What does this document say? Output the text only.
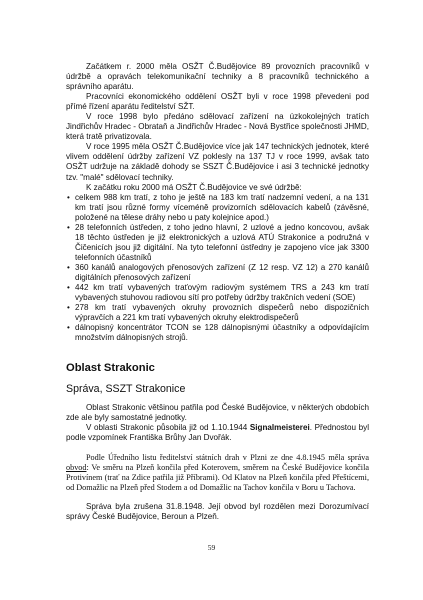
Začátkem r. 2000 měla OSŽT Č.Budějovice 89 provozních pracovníků v údržbě a opravách telekomunikační techniky a 8 pracovníků technického a správního aparátu.

Pracovníci ekonomického oddělení OSŽT byli v roce 1998 převedeni pod přímé řízení aparátu ředitelství SŽT.

V roce 1998 bylo předáno sdělovací zařízení na úzkokolejných tratích Jindřichův Hradec - Obrataň a Jindřichův Hradec - Nová Bystřice společnosti JHMD, která tratě privatizovala.

V roce 1995 měla OSŽT Č.Budějovice více jak 147 technických jednotek, které vlivem oddělení údržby zařízení VZ poklesly na 137 TJ v roce 1999, avšak tato OSŽT udržuje na základě dohody se SSZT Č.Budějovice i asi 3 technické jednotky tzv. "malé" sdělovací techniky.

K začátku roku 2000 má OSŽT Č.Budějovice ve své údržbě:

• celkem 988 km tratí, z toho je ještě na 183 km tratí nadzemní vedení, a na 131 km tratí jsou různé formy víceméně provizorních sdělovacích kabelů (závěsné, položené na tělese dráhy nebo u paty kolejnice apod.)
• 28 telefonních ústředen, z toho jedno hlavní, 2 uzlové a jedno koncovou, avšak 18 těchto ústředen je již elektronických a uzlová ATÚ Strakonice a podružná v Čičenicích jsou již digitální. Na tyto telefonní ústředny je zapojeno více jak 3300 telefonních účastníků
• 360 kanálů analogových přenosových zařízení (Z 12 resp. VZ 12) a 270 kanálů digitálních přenosových zařízení
• 442 km tratí vybavených traťovým radiovým systémem TRS a 243 km tratí vybavených stuhovou radiovou sítí pro potřeby údržby trakčních vedení (SOE)
• 278 km tratí vybavených okruhy provozních dispečerů nebo dispozičních výpravčích a 221 km tratí vybavených okruhy elektrodispečerů
• dálnopisný koncentrátor TCON se 128 dálnopisnými účastníky a odpovídajícím množstvím dálnopisných strojů.
Oblast Strakonic
Správa, SSZT Strakonice

Oblast Strakonic většinou patřila pod České Budějovice, v některých obdobích zde ale byly samostatné jednotky.

V oblasti Strakonic působila již od 1.10.1944 Signalmeisterei. Přednostou byl podle vzpomínek Františka Brůhy Jan Dvořák.

Podle Úředního listu ředitelství státních drah v Plzni ze dne 4.8.1945 měla správa obvod: Ve směru na Plzeň končila před Koterovem, směrem na České Budějovice končila Protivínem (trať na Zdice patřila již Příbrami). Od Klatov na Plzeň končila před Přeštícemi, od Domažlic na Plzeň před Stodem a od Domažlic na Tachov končila v Boru u Tachova.

Správa byla zrušena 31.8.1948. Její obvod byl rozdělen mezi Dorozumívací správy České Budějovice, Beroun a Plzeň.

59
